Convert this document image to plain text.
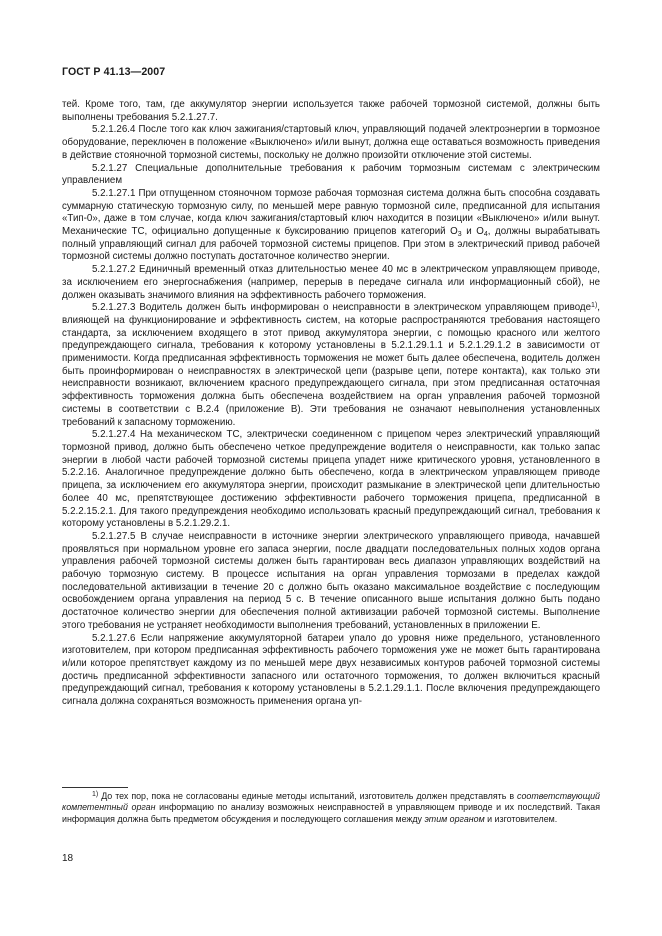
ГОСТ Р 41.13—2007

тей. Кроме того, там, где аккумулятор энергии используется также рабочей тормозной системой, должны быть выполнены требования 5.2.1.27.7.

5.2.1.26.4 После того как ключ зажигания/стартовый ключ, управляющий подачей электроэнергии в тормозное оборудование, переключен в положение «Выключено» и/или вынут, должна еще оставаться возможность приведения в действие стояночной тормозной системы, поскольку не должно произойти отключение этой системы.

5.2.1.27 Специальные дополнительные требования к рабочим тормозным системам с электрическим управлением

5.2.1.27.1 При отпущенном стояночном тормозе рабочая тормозная система должна быть способна создавать суммарную статическую тормозную силу, по меньшей мере равную тормозной силе, предписанной для испытания «Тип-0», даже в том случае, когда ключ зажигания/стартовый ключ находится в позиции «Выключено» и/или вынут. Механические ТС, официально допущенные к буксированию прицепов категорий $O_3$ и $O_4$, должны вырабатывать полный управляющий сигнал для рабочей тормозной системы прицепов. При этом в электрический привод рабочей тормозной системы должно поступать достаточное количество энергии.

5.2.1.27.2 Единичный временный отказ длительностью менее 40 мс в электрическом управляющем приводе, за исключением его энергоснабжения (например, перерыв в передаче сигнала или информационный сбой), не должен оказывать значимого влияния на эффективность рабочего торможения.

5.2.1.27.3 Водитель должен быть информирован о неисправности в электрическом управляющем приводе$^{1)}$, влияющей на функционирование и эффективность систем, на которые распространяются требования настоящего стандарта, за исключением входящего в этот привод аккумулятора энергии, с помощью красного или желтого предупреждающего сигнала, требования к которому установлены в 5.2.1.29.1.1 и 5.2.1.29.1.2 в зависимости от применимости. Когда предписанная эффективность торможения не может быть далее обеспечена, водитель должен быть проинформирован о неисправностях в электрической цепи (разрыве цепи, потере контакта), как только эти неисправности возникают, включением красного предупреждающего сигнала, при этом предписанная остаточная эффективность торможения должна быть обеспечена воздействием на орган управления рабочей тормозной системы в соответствии с В.2.4 (приложение В). Эти требования не означают невыполнения установленных требований к запасному торможению.

5.2.1.27.4 На механическом ТС, электрически соединенном с прицепом через электрический управляющий тормозной привод, должно быть обеспечено четкое предупреждение водителя о неисправности, как только запас энергии в любой части рабочей тормозной системы прицепа упадет ниже критического уровня, установленного в 5.2.2.16. Аналогичное предупреждение должно быть обеспечено, когда в электрическом управляющем приводе прицепа, за исключением его аккумулятора энергии, происходит размыкание в электрической цепи длительностью более 40 мс, препятствующее достижению эффективности рабочего торможения прицепа, предписанной в 5.2.2.15.2.1. Для такого предупреждения необходимо использовать красный предупреждающий сигнал, требования к которому установлены в 5.2.1.29.2.1.

5.2.1.27.5 В случае неисправности в источнике энергии электрического управляющего привода, начавшей проявляться при нормальном уровне его запаса энергии, после двадцати последовательных полных ходов органа управления рабочей тормозной системы должен быть гарантирован весь диапазон управляющих воздействий на рабочую тормозную систему. В процессе испытания на орган управления тормозами в пределах каждой последовательной активизации в течение 20 с должно быть оказано максимальное воздействие с последующим освобождением органа управления на период 5 с. В течение описанного выше испытания должно быть подано достаточное количество энергии для обеспечения полной активизации рабочей тормозной системы. Выполнение этого требования не устраняет необходимости выполнения требований, установленных в приложении Е.

5.2.1.27.6 Если напряжение аккумуляторной батареи упало до уровня ниже предельного, установленного изготовителем, при котором предписанная эффективность рабочего торможения уже не может быть гарантирована и/или которое препятствует каждому из по меньшей мере двух независимых контуров рабочей тормозной системы достичь предписанной эффективности запасного или остаточного торможения, то должен включиться красный предупреждающий сигнал, требования к которому установлены в 5.2.1.29.1.1. После включения предупреждающего сигнала должна сохраняться возможность применения органа уп-

$^{1)}$ До тех пор, пока не согласованы единые методы испытаний, изготовитель должен представлять в соответствующий компетентный орган информацию по анализу возможных неисправностей в управляющем приводе и их последствий. Такая информация должна быть предметом обсуждения и последующего соглашения между этим органом и изготовителем.
18
